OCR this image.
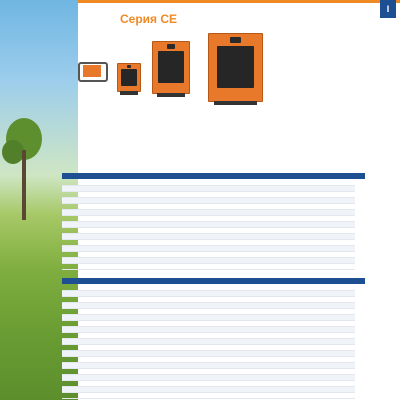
I
Серия CE
